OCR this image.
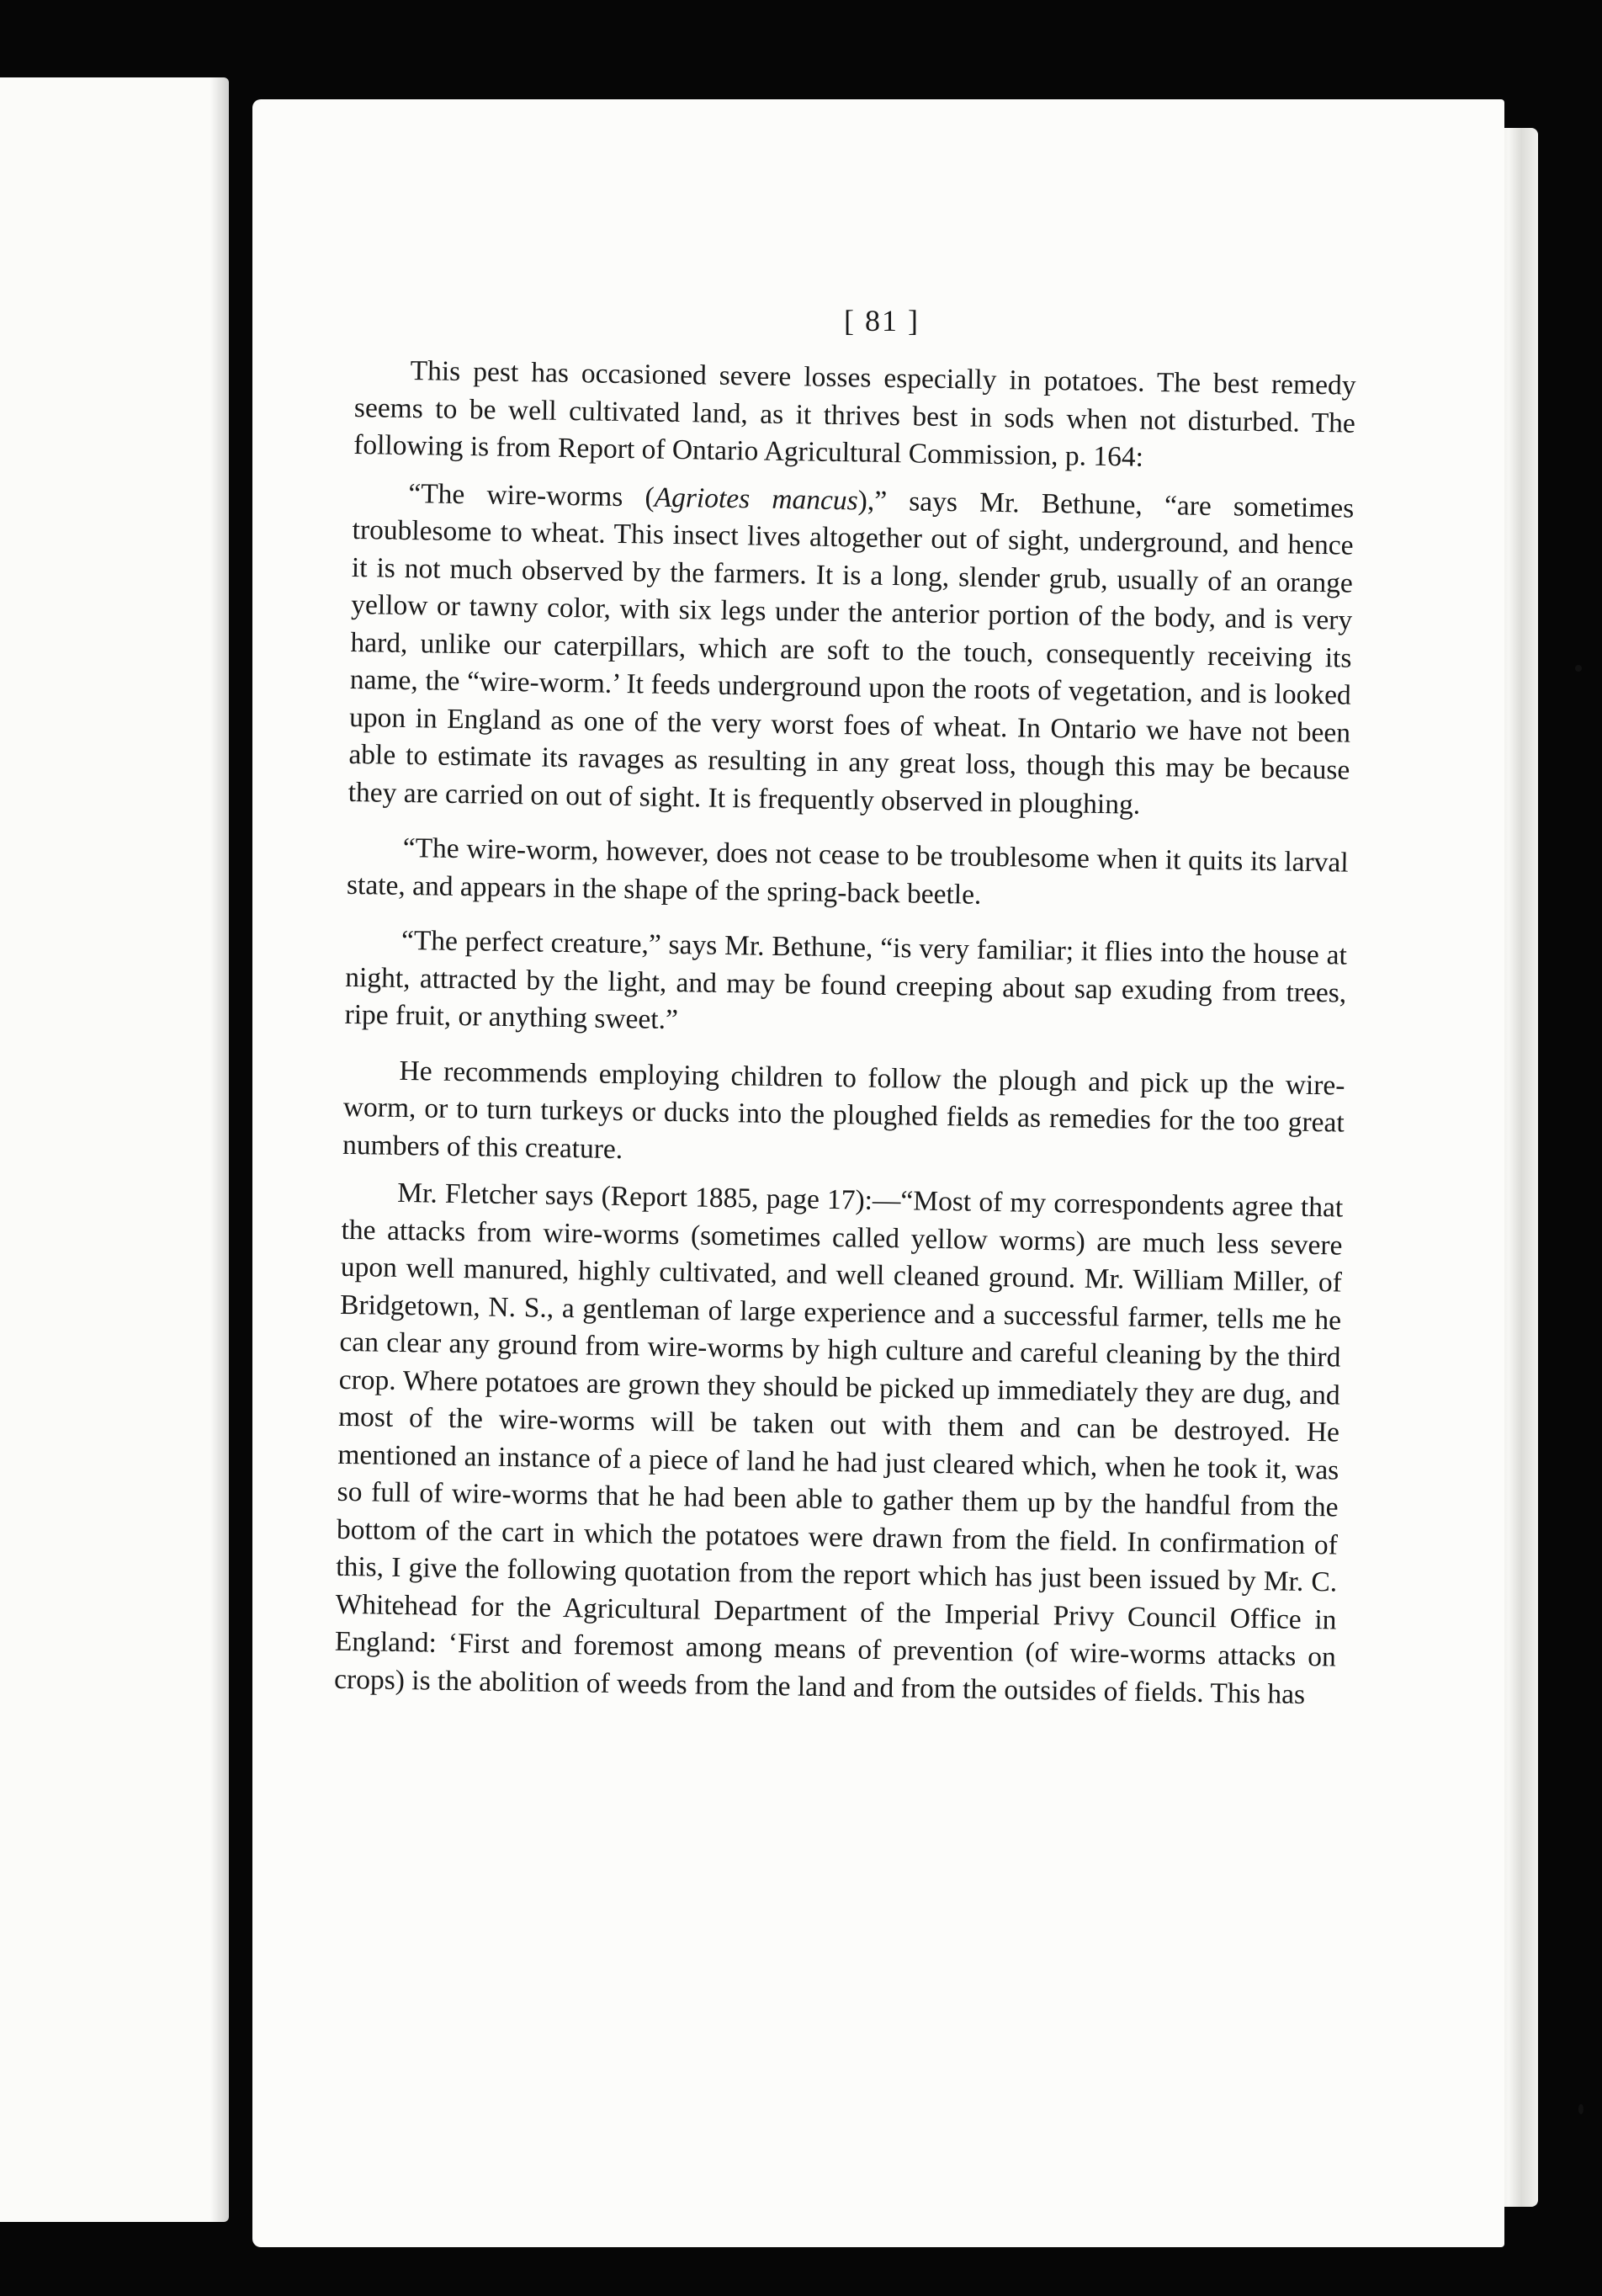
[ 81 ]

This pest has occasioned severe losses especially in potatoes. The best remedy seems to be well cultivated land, as it thrives best in sods when not disturbed. The following is from Report of Ontario Agricultural Commission, p. 164:

“The wire-worms (Agriotes mancus),” says Mr. Bethune, “are sometimes troublesome to wheat. This insect lives altogether out of sight, underground, and hence it is not much observed by the farmers. It is a long, slender grub, usually of an orange yellow or tawny color, with six legs under the anterior portion of the body, and is very hard, unlike our caterpillars, which are soft to the touch, consequently receiving its name, the “wire-worm.’ It feeds underground upon the roots of vegetation, and is looked upon in England as one of the very worst foes of wheat. In Ontario we have not been able to estimate its ravages as resulting in any great loss, though this may be because they are carried on out of sight. It is frequently observed in ploughing.

“The wire-worm, however, does not cease to be troublesome when it quits its larval state, and appears in the shape of the spring-back beetle.

“The perfect creature,” says Mr. Bethune, “is very familiar; it flies into the house at night, attracted by the light, and may be found creeping about sap exuding from trees, ripe fruit, or anything sweet.”

He recommends employing children to follow the plough and pick up the wire-worm, or to turn turkeys or ducks into the ploughed fields as remedies for the too great numbers of this creature.

Mr. Fletcher says (Report 1885, page 17):—“Most of my correspondents agree that the attacks from wire-worms (sometimes called yellow worms) are much less severe upon well manured, highly cultivated, and well cleaned ground. Mr. William Miller, of Bridgetown, N. S., a gentleman of large experience and a successful farmer, tells me he can clear any ground from wire-worms by high culture and careful cleaning by the third crop. Where potatoes are grown they should be picked up immediately they are dug, and most of the wire-worms will be taken out with them and can be destroyed. He mentioned an instance of a piece of land he had just cleared which, when he took it, was so full of wire-worms that he had been able to gather them up by the handful from the bottom of the cart in which the potatoes were drawn from the field. In confirmation of this, I give the following quotation from the report which has just been issued by Mr. C. Whitehead for the Agricultural Department of the Imperial Privy Council Office in England: ‘First and foremost among means of prevention (of wire-worms attacks on crops) is the abolition of weeds from the land and from the outsides of fields. This has
